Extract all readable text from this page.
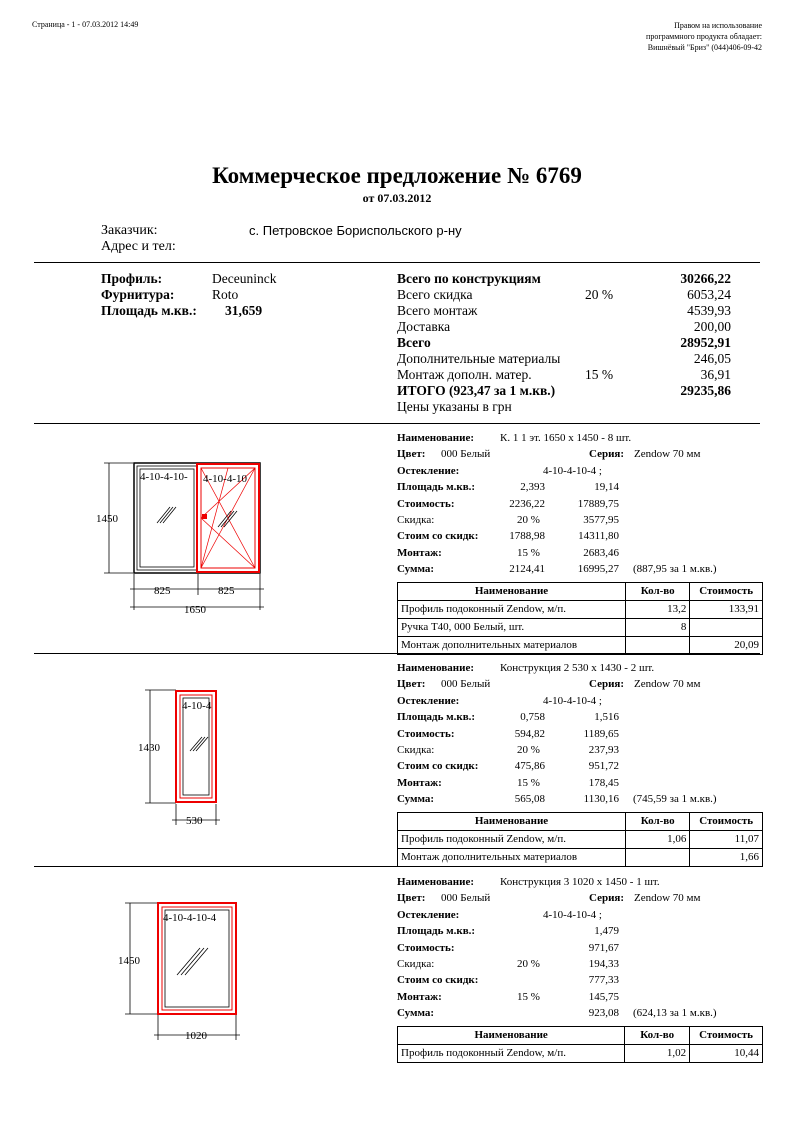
Страница - 1 - 07.03.2012 14:49	Правом на использование
программного продукта обладает:
Вишнёвый "Бриз" (044)406-09-42
Коммерческое предложение № 6769
от 07.03.2012
Заказчик:	с. Петровское Бориспольского р-ну
Адрес и тел:
Профиль:	Deceuninck
Фурнитура:	Roto
Площадь м.кв.: 31,659
Всего по конструкциям	30266,22
Всего скидка	20 %	6053,24
Всего монтаж	4539,93
Доставка	200,00
Всего	28952,91
Дополнительные материалы	246,05
Монтаж дополн. матер.	15 %	36,91
ИТОГО (923,47 за 1 м.кв.)	29235,86
Цены указаны в грн
Наименование: К. 1 1 эт. 1650 х 1450 - 8 шт.
Цвет: 000 Белый	Серия: Zendow 70 мм
Остекление:	4-10-4-10-4 ;
Площадь м.кв.:	2,393	19,14
Стоимость:	2236,22	17889,75
Скидка:	20 %	3577,95
Стоим со скидк:	1788,98	14311,80
Монтаж:	15 %	2683,46
Сумма:	2124,41	16995,27 (887,95 за 1 м.кв.)
Наименование	Кол-во	Стоимость
Профиль подоконный Zendow, м/п.	13,2	133,91
Ручка Т40, 000 Белый, шт.	8	
Монтаж дополнительных материалов		20,09
Наименование: Конструкция 2 530 х 1430 - 2 шт.
Цвет: 000 Белый	Серия: Zendow 70 мм
Остекление:	4-10-4-10-4 ;
Площадь м.кв.:	0,758	1,516
Стоимость:	594,82	1189,65
Скидка:	20 %	237,93
Стоим со скидк:	475,86	951,72
Монтаж:	15 %	178,45
Сумма:	565,08	1130,16 (745,59 за 1 м.кв.)
Наименование	Кол-во	Стоимость
Профиль подоконный Zendow, м/п.	1,06	11,07
Монтаж дополнительных материалов		1,66
Наименование: Конструкция 3 1020 х 1450 - 1 шт.
Цвет: 000 Белый	Серия: Zendow 70 мм
Остекление:	4-10-4-10-4 ;
Площадь м.кв.:	1,479
Стоимость:	971,67
Скидка:	20 %	194,33
Стоим со скидк:	777,33
Монтаж:	15 %	145,75
Сумма:	923,08 (624,13 за 1 м.кв.)
Наименование	Кол-во	Стоимость
Профиль подоконный Zendow, м/п.	1,02	10,44
4-10-4-10- 4-10-4-10
1450
825	825
1650
4-10-4
1430
530
4-10-4-10-4
1450
1020
